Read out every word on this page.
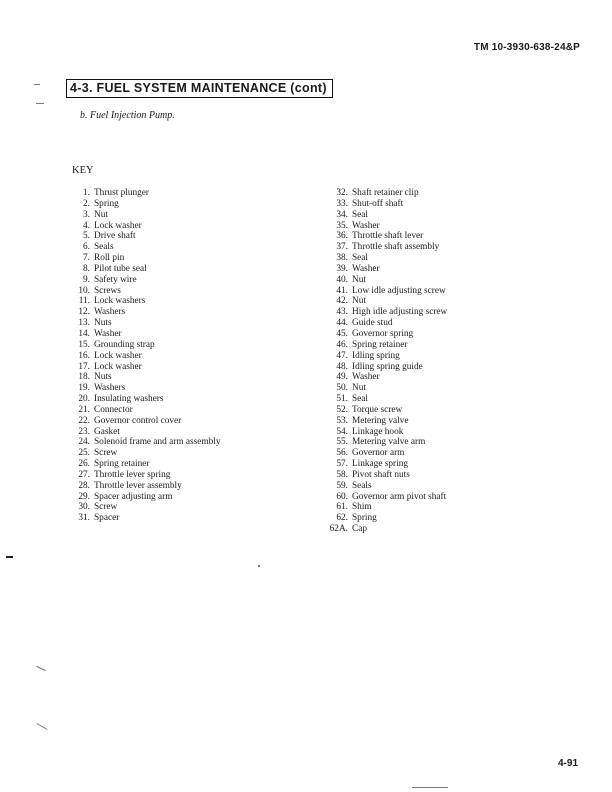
TM 10-3930-638-24&P
4-3. FUEL SYSTEM MAINTENANCE (cont)
b. Fuel Injection Pump.
KEY
1. Thrust plunger
2. Spring
3. Nut
4. Lock washer
5. Drive shaft
6. Seals
7. Roll pin
8. Pilot tube seal
9. Safety wire
10. Screws
11. Lock washers
12. Washers
13. Nuts
14. Washer
15. Grounding strap
16. Lock washer
17. Lock washer
18. Nuts
19. Washers
20. Insulating washers
21. Connector
22. Governor control cover
23. Gasket
24. Solenoid frame and arm assembly
25. Screw
26. Spring retainer
27. Throttle lever spring
28. Throttle lever assembly
29. Spacer adjusting arm
30. Screw
31. Spacer
32. Shaft retainer clip
33. Shut-off shaft
34. Seal
35. Washer
36. Throttle shaft lever
37. Throttle shaft assembly
38. Seal
39. Washer
40. Nut
41. Low idle adjusting screw
42. Nut
43. High idle adjusting screw
44. Guide stud
45. Governor spring
46. Spring retainer
47. Idling spring
48. Idling spring guide
49. Washer
50. Nut
51. Seal
52. Torque screw
53. Metering valve
54. Linkage hook
55. Metering valve arm
56. Governor arm
57. Linkage spring
58. Pivot shaft nuts
59. Seals
60. Governor arm pivot shaft
61. Shim
62. Spring
62A. Cap
4-91
